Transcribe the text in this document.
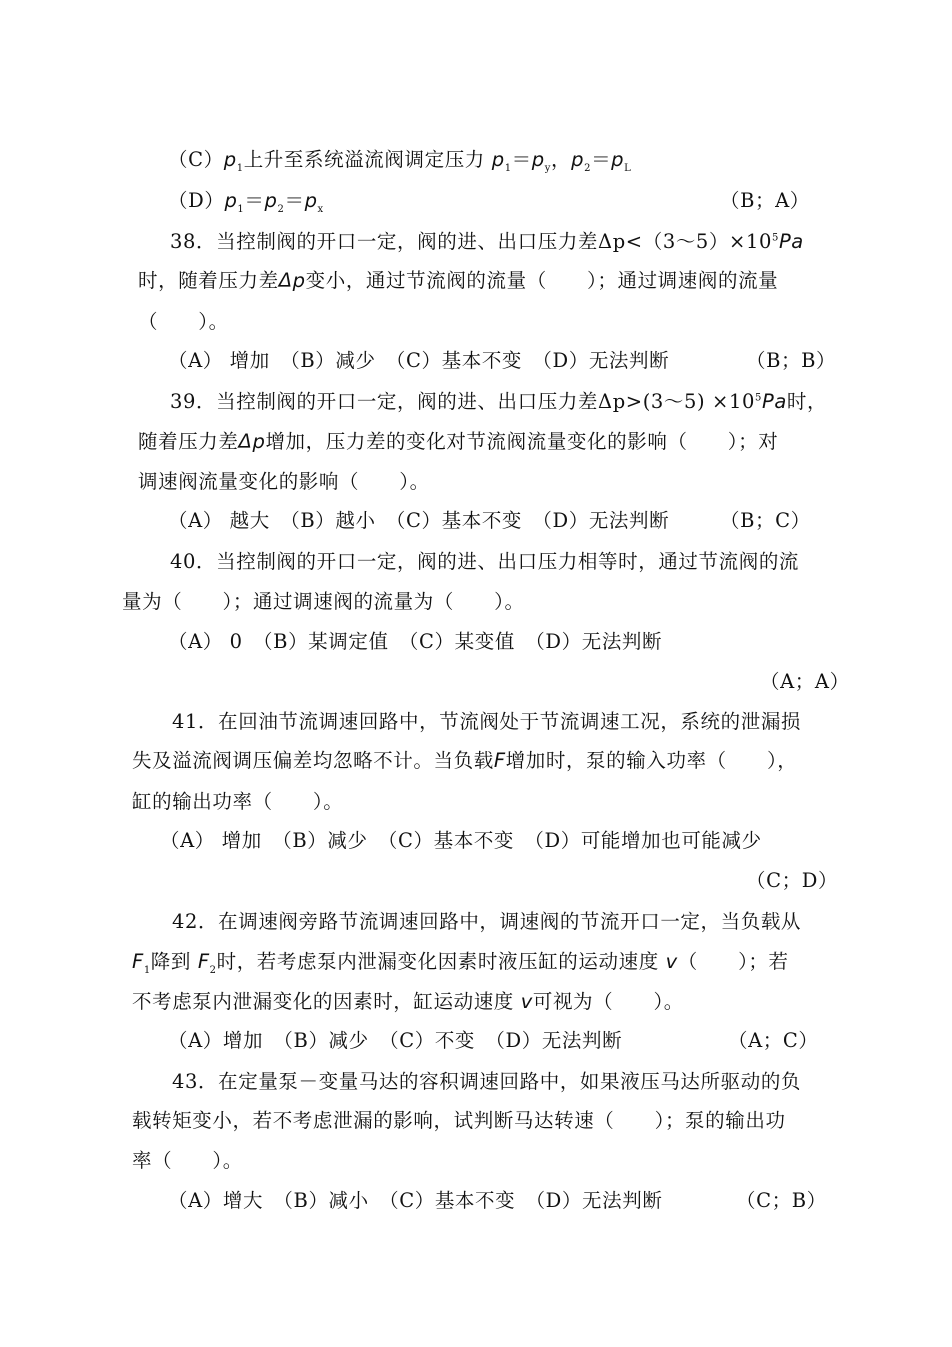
$(C)p_1$上升至系统溢流阀调定压力 $p_1=p_y$，$p_2=p_L$
$(D)p_1=p_2=p_x$	（B；A）
38．当控制阀的开口一定，阀的进、出口压力差$\Delta p<(3\sim 5)\times 10^5Pa$
时，随着压力差Δp变小，通过节流阀的流量（　　）；通过调速阀的流量
（　　）。
（A） 增加　（B）减少　（C）基本不变　（D）无法判断	（B；B）
39．当控制阀的开口一定，阀的进、出口压力差Δp>(3～5) $\times 10^5Pa$时，
随着压力差Δp增加，压力差的变化对节流阀流量变化的影响（　　）；对
调速阀流量变化的影响（　　）。
（A） 越大　（B）越小　（C）基本不变　（D）无法判断	（B；C）
40．当控制阀的开口一定，阀的进、出口压力相等时，通过节流阀的流
量为（　　）；通过调速阀的流量为（　　）。
（A） 0　（B）某调定值　（C）某变值　（D）无法判断
（A；A）
41．在回油节流调速回路中，节流阀处于节流调速工况，系统的泄漏损
失及溢流阀调压偏差均忽略不计。当负载F增加时，泵的输入功率（　　），
缸的输出功率（　　）。
（A） 增加　（B）减少　（C）基本不变　（D）可能增加也可能减少
（C；D）
42．在调速阀旁路节流调速回路中，调速阀的节流开口一定，当负载从
$F_1$降到 $F_2$时，若考虑泵内泄漏变化因素时液压缸的运动速度 v（　　）；若
不考虑泵内泄漏变化的因素时，缸运动速度 v可视为（　　）。
（A）增加　（B）减少　（C）不变　（D）无法判断	（A；C）
43．在定量泵－变量马达的容积调速回路中，如果液压马达所驱动的负
载转矩变小，若不考虑泄漏的影响，试判断马达转速（　　）；泵的输出功
率（　　）。
（A）增大　（B）减小　（C）基本不变　（D）无法判断	（C；B）
